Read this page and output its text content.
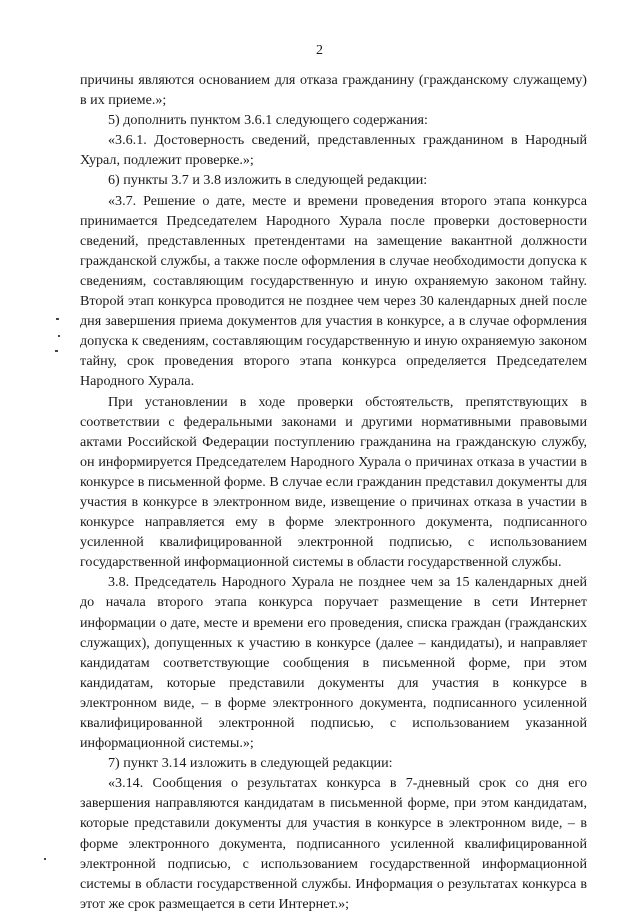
2

причины являются основанием для отказа гражданину (гражданскому служащему) в их приеме.»;

5) дополнить пунктом 3.6.1 следующего содержания:

«3.6.1. Достоверность сведений, представленных гражданином в Народный Хурал, подлежит проверке.»;

6) пункты 3.7 и 3.8 изложить в следующей редакции:

«3.7. Решение о дате, месте и времени проведения второго этапа конкурса принимается Председателем Народного Хурала после проверки достоверности сведений, представленных претендентами на замещение вакантной должности гражданской службы, а также после оформления в случае необходимости допуска к сведениям, составляющим государственную и иную охраняемую законом тайну. Второй этап конкурса проводится не позднее чем через 30 календарных дней после дня завершения приема документов для участия в конкурсе, а в случае оформления допуска к сведениям, составляющим государственную и иную охраняемую законом тайну, срок проведения второго этапа конкурса определяется Председателем Народного Хурала.

При установлении в ходе проверки обстоятельств, препятствующих в соответствии с федеральными законами и другими нормативными правовыми актами Российской Федерации поступлению гражданина на гражданскую службу, он информируется Председателем Народного Хурала о причинах отказа в участии в конкурсе в письменной форме. В случае если гражданин представил документы для участия в конкурсе в электронном виде, извещение о причинах отказа в участии в конкурсе направляется ему в форме электронного документа, подписанного усиленной квалифицированной электронной подписью, с использованием государственной информационной системы в области государственной службы.

3.8. Председатель Народного Хурала не позднее чем за 15 календарных дней до начала второго этапа конкурса поручает размещение в сети Интернет информации о дате, месте и времени его проведения, списка граждан (гражданских служащих), допущенных к участию в конкурсе (далее – кандидаты), и направляет кандидатам соответствующие сообщения в письменной форме, при этом кандидатам, которые представили документы для участия в конкурсе в электронном виде, – в форме электронного документа, подписанного усиленной квалифицированной электронной подписью, с использованием указанной информационной системы.»;

7) пункт 3.14 изложить в следующей редакции:

«3.14. Сообщения о результатах конкурса в 7-дневный срок со дня его завершения направляются кандидатам в письменной форме, при этом кандидатам, которые представили документы для участия в конкурсе в электронном виде, – в форме электронного документа, подписанного усиленной квалифицированной электронной подписью, с использованием государственной информационной системы в области государственной службы. Информация о результатах конкурса в этот же срок размещается в сети Интернет.»;
